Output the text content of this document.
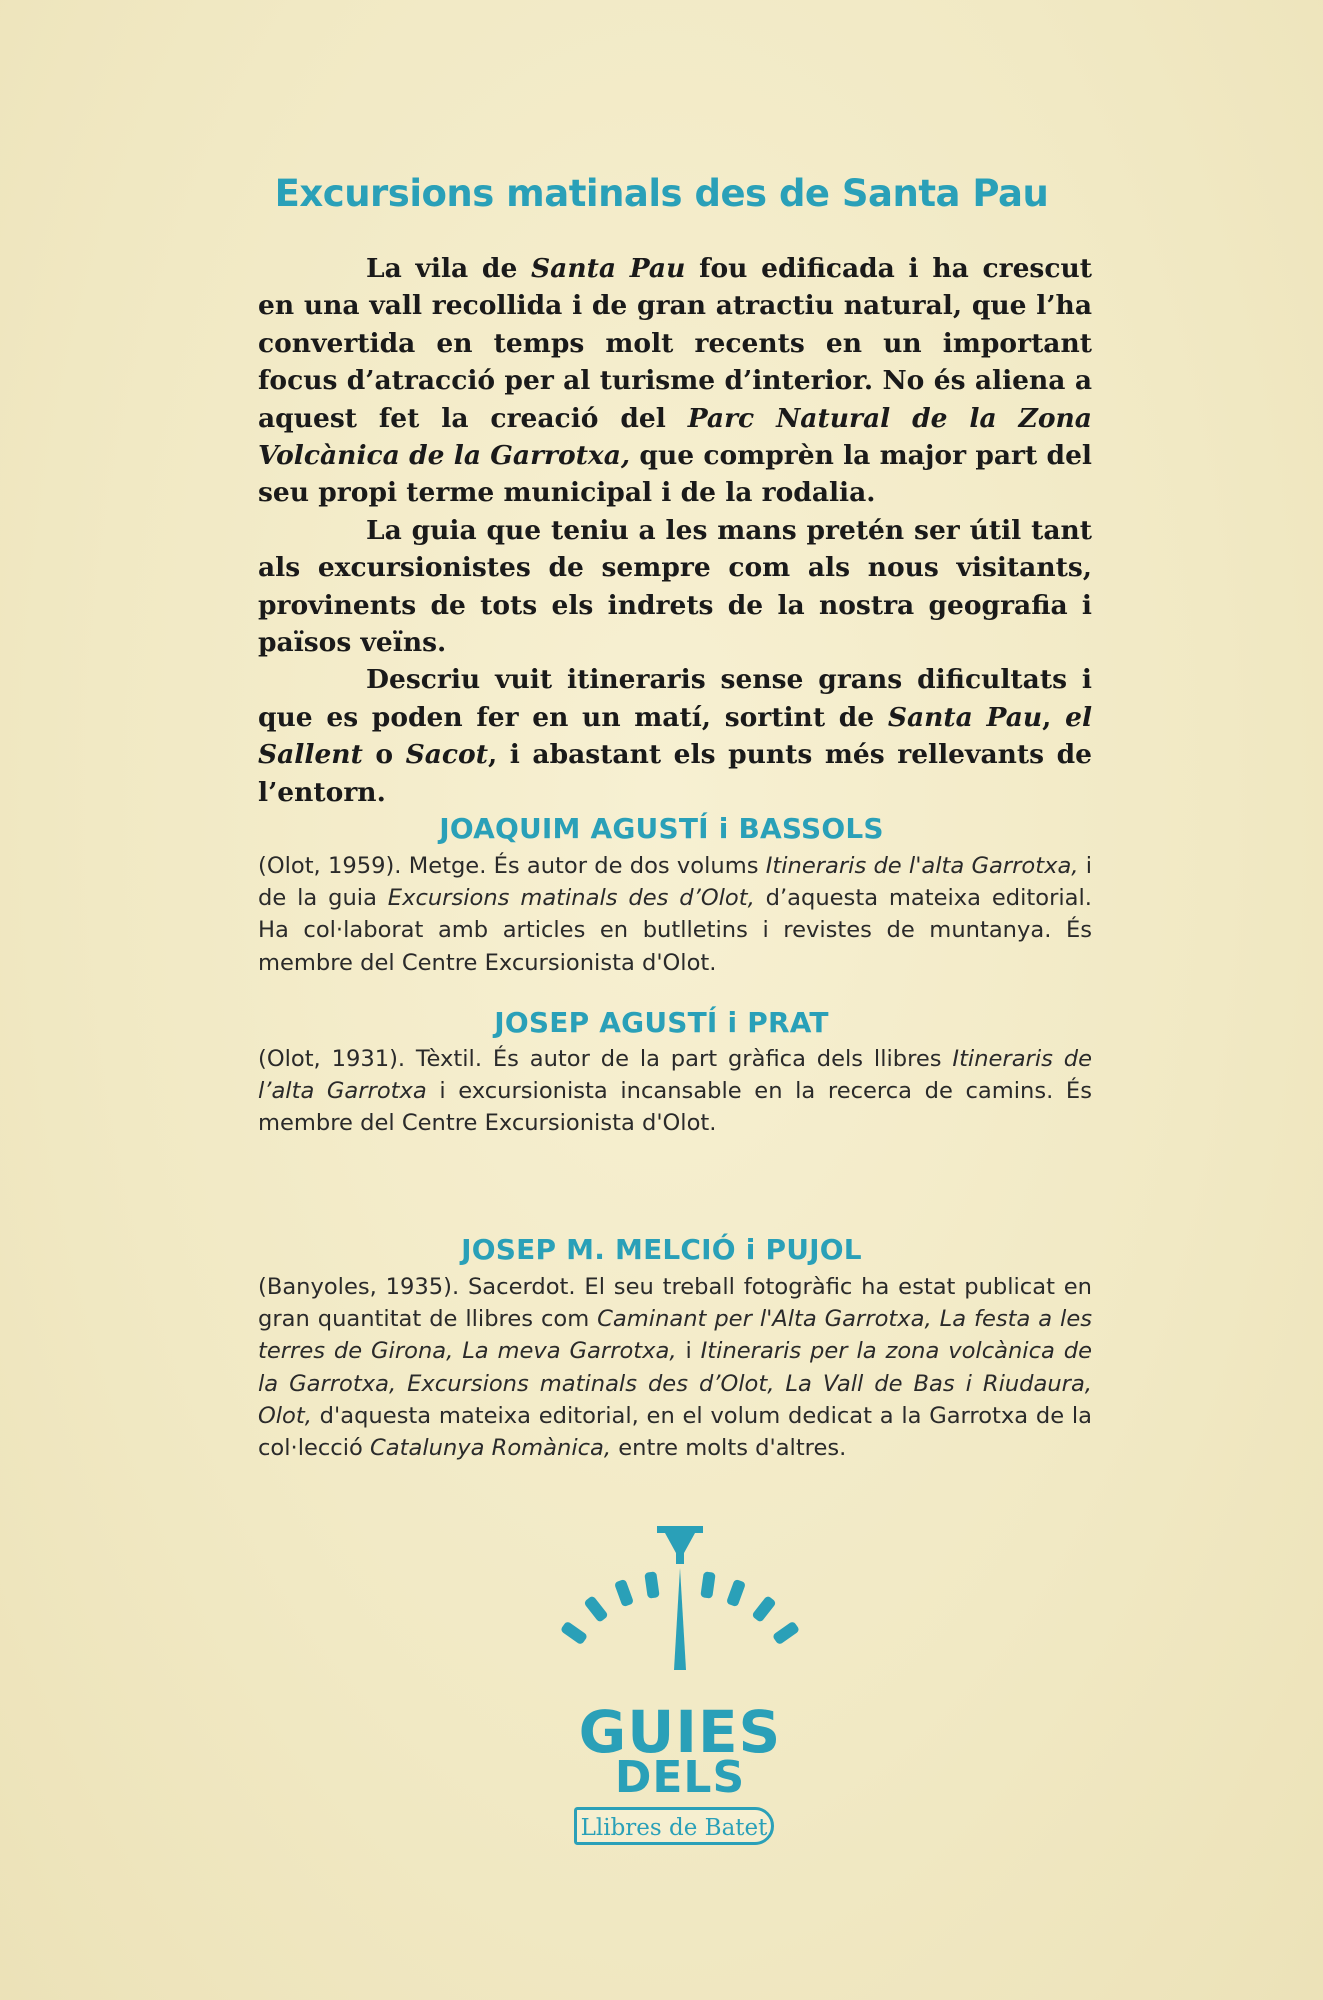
Excursions matinals des de Santa Pau

La vila de Santa Pau fou edificada i ha crescut en una vall recollida i de gran atractiu natural, que l’ha convertida en temps molt recents en un important focus d’atracció per al turisme d’interior. No és aliena a aquest fet la creació del Parc Natural de la Zona Volcànica de la Garrotxa, que comprèn la major part del seu propi terme municipal i de la rodalia.

La guia que teniu a les mans pretén ser útil tant als excursionistes de sempre com als nous visitants, provinents de tots els indrets de la nostra geografia i països veïns.

Descriu vuit itineraris sense grans dificultats i que es poden fer en un matí, sortint de Santa Pau, el Sallent o Sacot, i abastant els punts més rellevants de l’entorn.

JOAQUIM AGUSTÍ i BASSOLS
(Olot, 1959). Metge. És autor de dos volums Itineraris de l'alta Garrotxa, i de la guia Excursions matinals des d’Olot, d’aquesta mateixa editorial. Ha col·laborat amb articles en butlletins i revistes de muntanya. És membre del Centre Excursionista d'Olot.
JOSEP AGUSTÍ i PRAT
(Olot, 1931). Tèxtil. És autor de la part gràfica dels llibres Itineraris de l’alta Garrotxa i excursionista incansable en la recerca de camins. És membre del Centre Excursionista d'Olot.
JOSEP M. MELCIÓ i PUJOL
(Banyoles, 1935). Sacerdot. El seu treball fotogràfic ha estat publicat en gran quantitat de llibres com Caminant per l'Alta Garrotxa, La festa a les terres de Girona, La meva Garrotxa, i Itineraris per la zona volcànica de la Garrotxa, Excursions matinals des d’Olot, La Vall de Bas i Riudaura, Olot, d'aquesta mateixa editorial, en el volum dedicat a la Garrotxa de la col·lecció Catalunya Romànica, entre molts d'altres.
GUIES
DELS
Llibres de Batet
